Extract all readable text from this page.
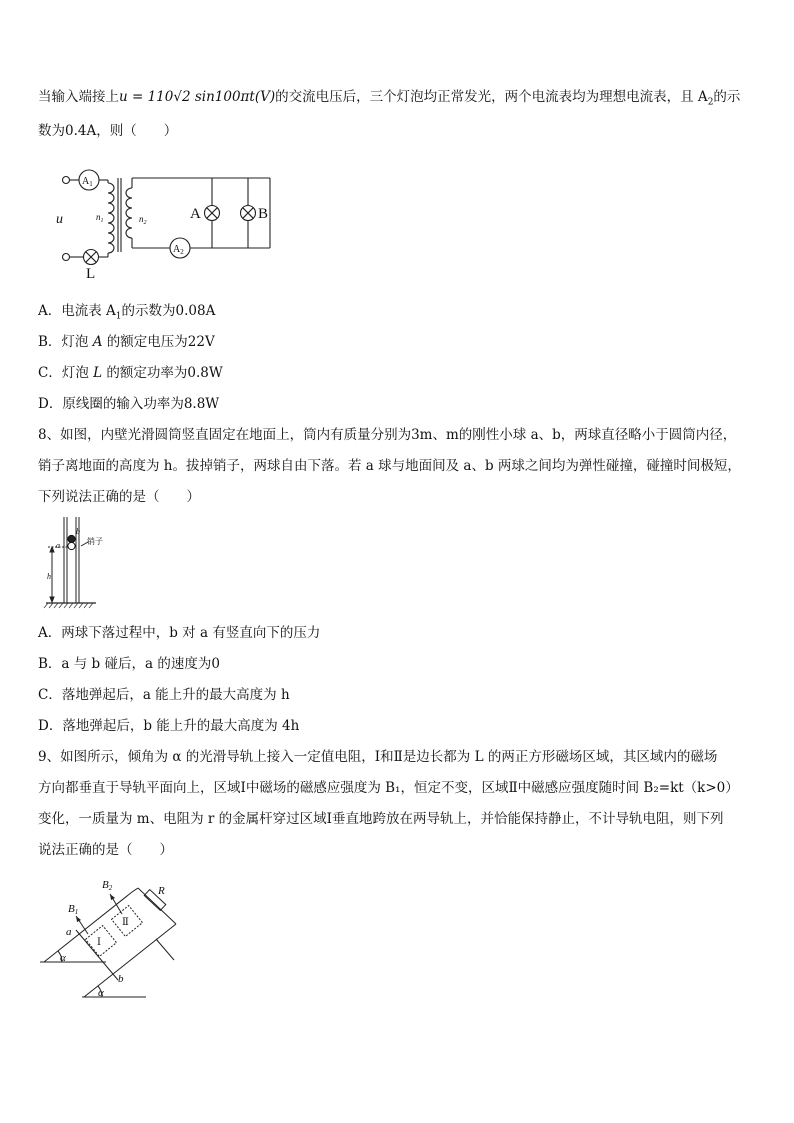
当输入端接上u = 110√2 sin100πt(V)的交流电压后，三个灯泡均正常发光，两个电流表均为理想电流表，且 $A_2$的示
数为0.4A，则（　　）
$A_1$
$A_2$
u	$n_1$	$n_2$
A	B
L
A．电流表 $A_1$的示数为0.08A
B．灯泡 A 的额定电压为22V
C．灯泡 L 的额定功率为0.8W
D．原线圈的输入功率为8.8W
8、如图，内壁光滑圆筒竖直固定在地面上，筒内有质量分别为3m、m的刚性小球 a、b，两球直径略小于圆筒内径，
销子离地面的高度为 h。拔掉销子，两球自由下落。若 a 球与地面间及 a、b 两球之间均为弹性碰撞，碰撞时间极短，
下列说法正确的是（　　）
b
a
h
销子
A．两球下落过程中，b 对 a 有竖直向下的压力
B．a 与 b 碰后，a 的速度为0
C．落地弹起后，a 能上升的最大高度为 h
D．落地弹起后，b 能上升的最大高度为 4h
9、如图所示，倾角为 α 的光滑导轨上接入一定值电阻，Ⅰ和Ⅱ是边长都为 L 的两正方形磁场区域，其区域内的磁场
方向都垂直于导轨平面向上，区域Ⅰ中磁场的磁感应强度为 B₁，恒定不变，区域Ⅱ中磁感应强度随时间 B₂=kt（k>0）
变化，一质量为 m、电阻为 r 的金属杆穿过区域Ⅰ垂直地跨放在两导轨上，并恰能保持静止，不计导轨电阻，则下列
说法正确的是（　　）
B2
B1
R
a
b
α
α
Ⅱ
Ⅰ
